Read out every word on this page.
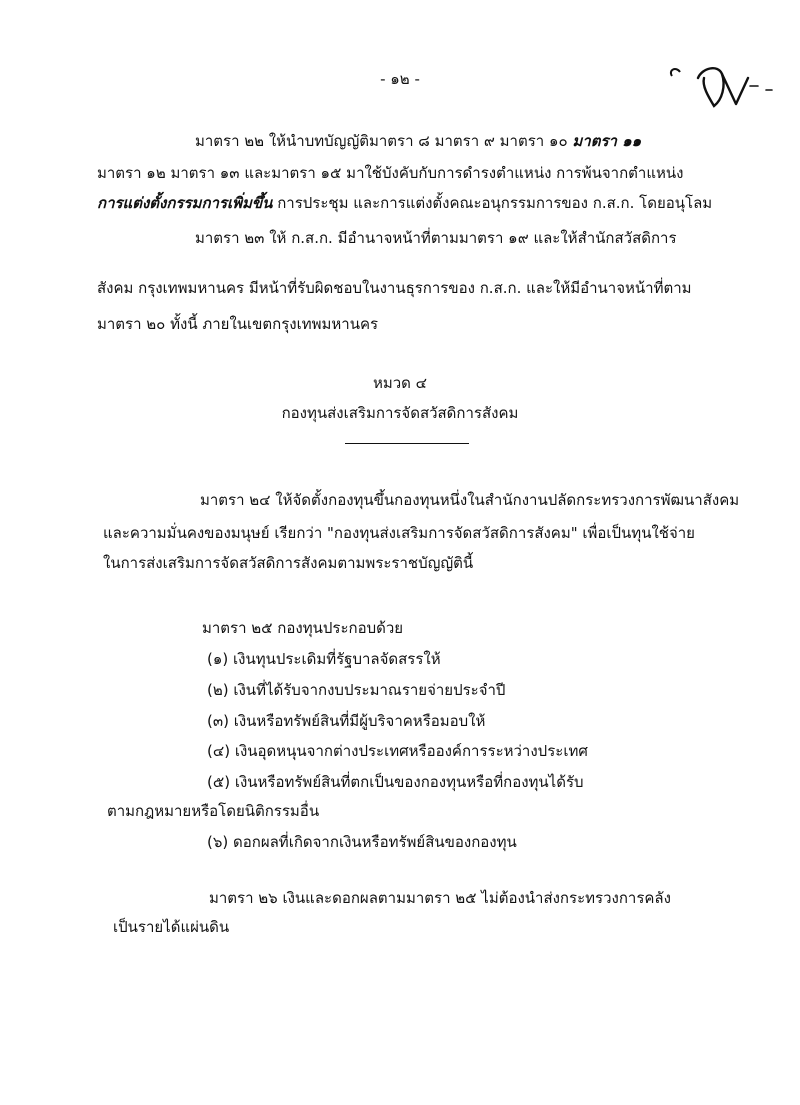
- ๑๒ -
มาตรา ๒๒ ให้นำบทบัญญัติมาตรา ๘ มาตรา ๙ มาตรา ๑๐ มาตรา ๑๑
มาตรา ๑๒ มาตรา ๑๓ และมาตรา ๑๕ มาใช้บังคับกับการดำรงตำแหน่ง การพ้นจากตำแหน่ง
การแต่งตั้งกรรมการเพิ่มขึ้น การประชุม และการแต่งตั้งคณะอนุกรรมการของ ก.ส.ก. โดยอนุโลม
มาตรา ๒๓ ให้ ก.ส.ก. มีอำนาจหน้าที่ตามมาตรา ๑๙ และให้สำนักสวัสดิการ
สังคม กรุงเทพมหานคร มีหน้าที่รับผิดชอบในงานธุรการของ ก.ส.ก. และให้มีอำนาจหน้าที่ตาม
มาตรา ๒๐ ทั้งนี้ ภายในเขตกรุงเทพมหานคร
หมวด ๔
กองทุนส่งเสริมการจัดสวัสดิการสังคม
มาตรา ๒๔ ให้จัดตั้งกองทุนขึ้นกองทุนหนึ่งในสำนักงานปลัดกระทรวงการพัฒนาสังคม
และความมั่นคงของมนุษย์ เรียกว่า "กองทุนส่งเสริมการจัดสวัสดิการสังคม" เพื่อเป็นทุนใช้จ่าย
ในการส่งเสริมการจัดสวัสดิการสังคมตามพระราชบัญญัตินี้
มาตรา ๒๕ กองทุนประกอบด้วย
(๑) เงินทุนประเดิมที่รัฐบาลจัดสรรให้
(๒) เงินที่ได้รับจากงบประมาณรายจ่ายประจำปี
(๓) เงินหรือทรัพย์สินที่มีผู้บริจาคหรือมอบให้
(๔) เงินอุดหนุนจากต่างประเทศหรือองค์การระหว่างประเทศ
(๕) เงินหรือทรัพย์สินที่ตกเป็นของกองทุนหรือที่กองทุนได้รับ
ตามกฎหมายหรือโดยนิติกรรมอื่น
(๖) ดอกผลที่เกิดจากเงินหรือทรัพย์สินของกองทุน
มาตรา ๒๖ เงินและดอกผลตามมาตรา ๒๕ ไม่ต้องนำส่งกระทรวงการคลัง
เป็นรายได้แผ่นดิน
